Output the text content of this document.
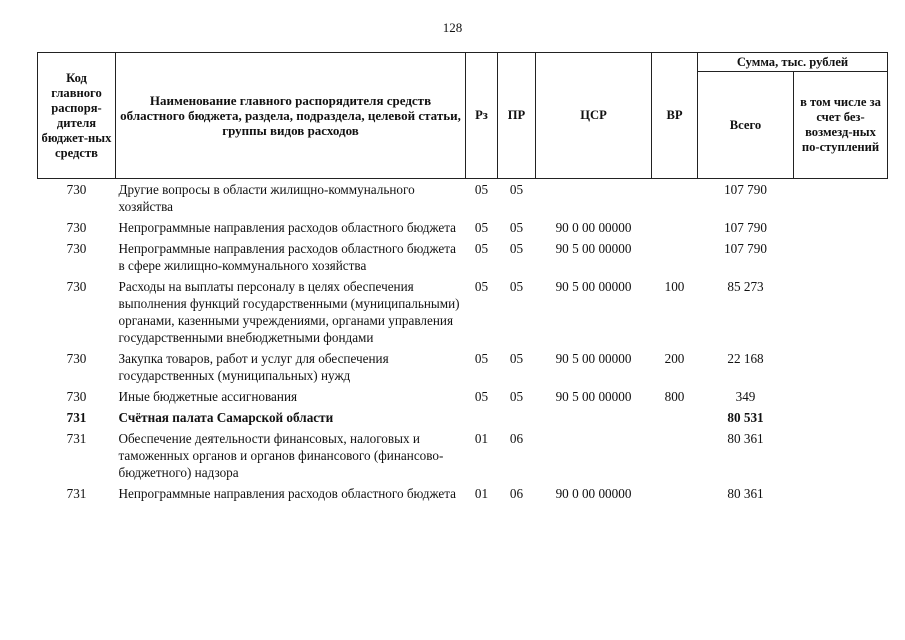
128
Код главного распоря-дителя бюджет-ных средств	Наименование главного распорядителя средств областного бюджета, раздела, подраздела, целевой статьи, группы видов расходов	Рз	ПР	ЦСР	ВР	Сумма, тыс. рублей	
						Всего	в том числе за счет без-возмезд-ных по-ступлений
730	Другие вопросы в области жилищно-коммунального хозяйства	05	05			107 790	
730	Непрограммные направления расходов областного бюджета	05	05	90 0 00 00000		107 790	
730	Непрограммные направления расходов областного бюджета в сфере жилищно-коммунального хозяйства	05	05	90 5 00 00000		107 790	
730	Расходы на выплаты персоналу в целях обеспечения выполнения функций государственными (муниципальными) органами, казенными учреждениями, органами управления государственными внебюджетными фондами	05	05	90 5 00 00000	100	85 273	
730	Закупка товаров, работ и услуг для обеспечения государственных (муниципальных) нужд	05	05	90 5 00 00000	200	22 168	
730	Иные бюджетные ассигнования	05	05	90 5 00 00000	800	349	
731	Счётная палата Самарской области					80 531	
731	Обеспечение деятельности финансовых, налоговых и таможенных органов и органов финансового (финансово-бюджетного) надзора	01	06			80 361	
731	Непрограммные направления расходов областного бюджета	01	06	90 0 00 00000		80 361	
